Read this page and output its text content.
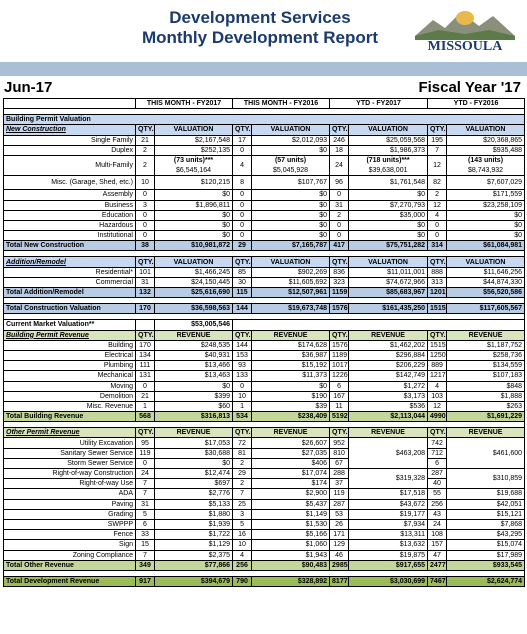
Development Services
Monthly Development Report	MISSOULA
Jun-17	Fiscal Year '17
	THIS MONTH - FY2017		THIS MONTH - FY2016		YTD - FY2017		YTD - FY2016	

Building Permit Valuation								
New Construction	QTY.	VALUATION	QTY.	VALUATION	QTY.	VALUATION	QTY.	VALUATION
Single Family	21	$2,167,548	17	$2,012,093	246	$25,059,568	195	$20,368,865
Duplex	2	$252,135	0	$0	18	$1,986,373	7	$935,488
Multi-Family	2	(73 units)***	4	(57 units)	24	(718 units)***	12	(143 units)
		$6,545,164		$5,045,928		$39,638,001		$8,743,932
Misc. (Garage, Shed, etc.)	10	$120,215	8	$107,767	96	$1,761,548	82	$7,607,029
Assembly	0	$0	0	$0	0	$0	2	$171,559
Business	3	$1,896,811	0	$0	31	$7,270,793	12	$23,258,109
Education	0	$0	0	$0	2	$35,000	4	$0
Hazardous	0	$0	0	$0	0	$0	0	$0
Institutional	0	$0	0	$0	0	$0	0	$0
Total New Construction	38	$10,981,872	29	$7,165,787	417	$75,751,282	314	$61,084,981

Addition/Remodel	QTY.	VALUATION	QTY.	VALUATION	QTY.	VALUATION	QTY.	VALUATION
Residential*	101	$1,466,245	85	$902,269	836	$11,011,001	888	$11,646,256
Commercial	31	$24,150,445	30	$11,605,692	323	$74,672,966	313	$44,874,330
Total Addition/Remodel	132	$25,616,690	115	$12,507,961	1159	$85,683,967	1201	$56,520,586

Total Construction Valuation	170	$36,598,563	144	$19,673,748	1576	$161,435,250	1515	$117,605,567

Current Market Valuation**		$53,005,546						
Building Permit Revenue	QTY.	REVENUE	QTY.	REVENUE	QTY.	REVENUE	QTY.	REVENUE
Building	170	$248,535	144	$174,628	1576	$1,462,202	1515	$1,187,752
Electrical	134	$40,931	153	$36,987	1189	$296,884	1250	$258,736
Plumbing	111	$13,466	93	$15,192	1017	$206,229	889	$134,559
Mechanical	131	$13,463	133	$11,373	1226	$142,749	1217	$107,183
Moving	0	$0	0	$0	6	$1,272	4	$848
Demolition	21	$399	10	$190	167	$3,173	103	$1,888
Misc. Revenue	1	$60	1	$39	11	$536	12	$263
Total Building Revenue	568	$316,813	534	$238,409	5192	$2,113,044	4990	$1,691,229

Other Permit Revenue	QTY.	REVENUE	QTY.	REVENUE	QTY.	REVENUE	QTY.	REVENUE
Utility Excavation	95	$17,053	72	$26,607	952	$463,208	742	$461,600
Sanitary Sewer Service	119	$30,688	81	$27,035	810		712	
Storm Sewer Service	0	$0	2	$406	67		6	
Right-of-way Construction	24	$12,474	29	$17,074	288	$319,328	287	$310,859
Right-of-way Use	7	$697	2	$174	37		40	
ADA	7	$2,776	7	$2,900	119	$17,518	55	$19,688
Paving	31	$5,133	25	$5,437	287	$43,672	256	$42,051
Grading	5	$1,880	3	$1,149	53	$19,177	43	$15,121
SWPPP	6	$1,939	5	$1,530	26	$7,934	24	$7,868
Fence	33	$1,722	16	$5,166	171	$13,311	108	$43,295
Sign	15	$1,129	10	$1,060	129	$13,632	157	$15,074
Zoning Compliance	7	$2,375	4	$1,943	46	$19,875	47	$17,989
Total Other Revenue	349	$77,866	256	$90,483	2985	$917,655	2477	$933,545

Total Development Revenue	917	$394,679	790	$328,892	8177	$3,030,699	7467	$2,624,774
